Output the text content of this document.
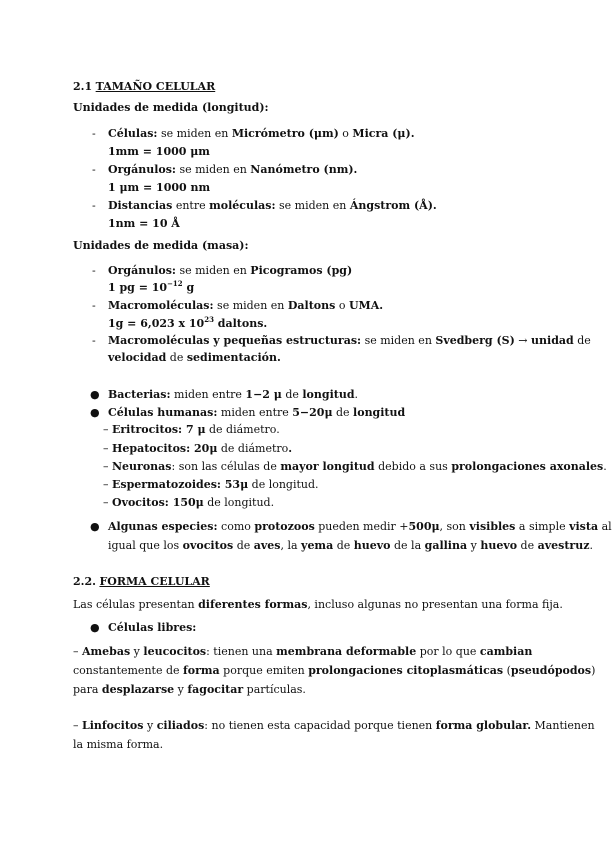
2.1 TAMAÑO CELULAR
Unidades de medida (longitud):
- Células: se miden en Micrómetro (μm) o Micra (μ).
1mm = 1000 μm
- Orgánulos: se miden en Nanómetro (nm).
1 μm = 1000 nm
- Distancias entre moléculas: se miden en Ángstrom (Å).
1nm = 10 Å
Unidades de medida (masa):
- Orgánulos: se miden en Picogramos (pg)
1 pg = $10^{-12}$ g
- Macromoléculas: se miden en Daltons o UMA.
1g = 6,023 x $10^{23}$ daltons.
- Macromoléculas y pequeñas estructuras: se miden en Svedberg (S) → unidad de
velocidad de sedimentación.
● Bacterias: miden entre 1−2 μ de longitud.
● Células humanas: miden entre 5−20μ de longitud
– Eritrocitos: 7 μ de diámetro.
– Hepatocitos: 20μ de diámetro.
– Neuronas: son las células de mayor longitud debido a sus prolongaciones axonales.
– Espermatozoides: 53μ de longitud.
– Ovocitos: 150μ de longitud.
● Algunas especies: como protozoos pueden medir +500μ, son visibles a simple vista al
igual que los ovocitos de aves, la yema de huevo de la gallina y huevo de avestruz.
2.2. FORMA CELULAR
Las células presentan diferentes formas, incluso algunas no presentan una forma fija.
● Células libres:
– Amebas y leucocitos: tienen una membrana deformable por lo que cambian
constantemente de forma porque emiten prolongaciones citoplasmáticas (pseudópodos)
para desplazarse y fagocitar partículas.
– Linfocitos y ciliados: no tienen esta capacidad porque tienen forma globular. Mantienen
la misma forma.
